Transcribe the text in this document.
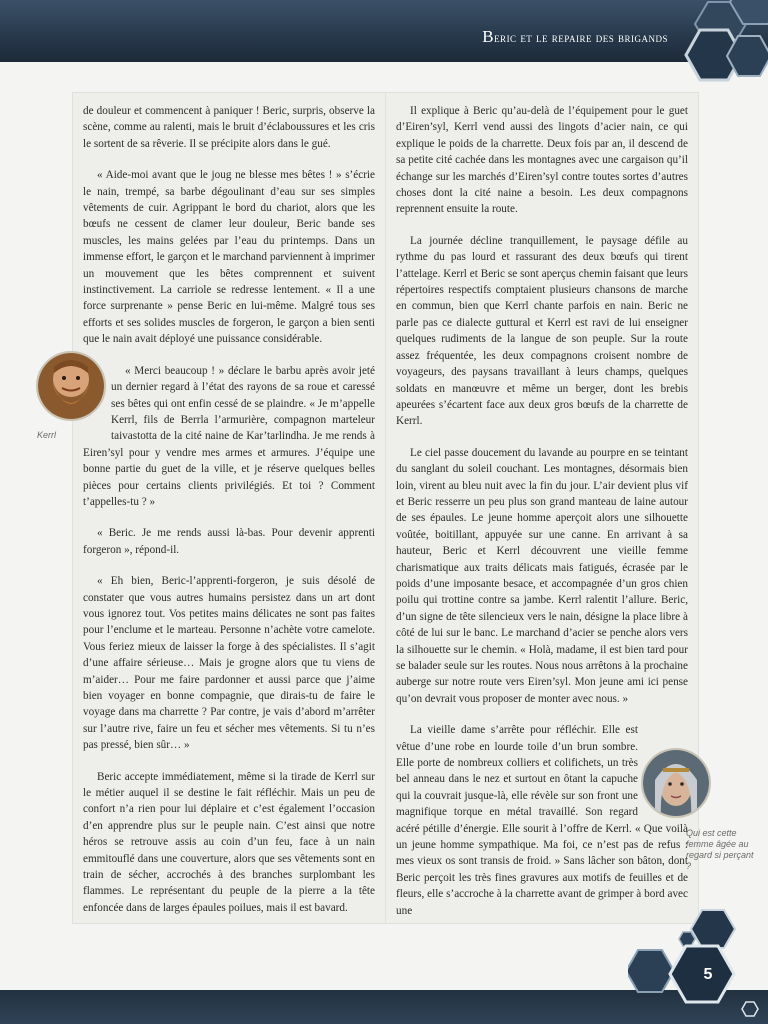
Beric et le repaire des brigands

de douleur et commencent à paniquer ! Beric, surpris, observe la scène, comme au ralenti, mais le bruit d’éclaboussures et les cris le sortent de sa rêverie. Il se précipite alors dans le gué.

« Aide-moi avant que le joug ne blesse mes bêtes ! » s’écrie le nain, trempé, sa barbe dégoulinant d’eau sur ses simples vêtements de cuir. Agrippant le bord du chariot, alors que les bœufs ne cessent de clamer leur douleur, Beric bande ses muscles, les mains gelées par l’eau du printemps. Dans un immense effort, le garçon et le marchand parviennent à imprimer un mouvement que les bêtes comprennent et suivent instinctivement. La carriole se redresse lentement. « Il a une force surprenante » pense Beric en lui-même. Malgré tous ses efforts et ses solides muscles de forgeron, le garçon a bien senti que le nain avait déployé une puissance considérable.

« Merci beaucoup ! » déclare le barbu après avoir jeté un dernier regard à l’état des rayons de sa roue et caressé ses bêtes qui ont enfin cessé de se plaindre. « Je m’appelle Kerrl, fils de Berrla l’armurière, compagnon marteleur taivastotta de la cité naine de Kar’tarlindha. Je me rends à Eiren’syl pour y vendre mes armes et armures. J’équipe une bonne partie du guet de la ville, et je réserve quelques belles pièces pour certains clients privilégiés. Et toi ? Comment t’appelles-tu ? »

« Beric. Je me rends aussi là-bas. Pour devenir apprenti forgeron », répond-il.

« Eh bien, Beric-l’apprenti-forgeron, je suis désolé de constater que vous autres humains persistez dans un art dont vous ignorez tout. Vos petites mains délicates ne sont pas faites pour l’enclume et le marteau. Personne n’achète votre camelote. Vous feriez mieux de laisser la forge à des spécialistes. Il s’agit d’une affaire sérieuse… Mais je grogne alors que tu viens de m’aider… Pour me faire pardonner et aussi parce que j’aime bien voyager en bonne compagnie, que dirais-tu de faire le voyage dans ma charrette ? Par contre, je vais d’abord m’arrêter sur l’autre rive, faire un feu et sécher mes vêtements. Si tu n’es pas pressé, bien sûr… »

Beric accepte immédiatement, même si la tirade de Kerrl sur le métier auquel il se destine le fait réfléchir. Mais un peu de confort n’a rien pour lui déplaire et c’est également l’occasion d’en apprendre plus sur le peuple nain. C’est ainsi que notre héros se retrouve assis au coin d’un feu, face à un nain emmitouflé dans une couverture, alors que ses vêtements sont en train de sécher, accrochés à des branches surplombant les flammes. Le représentant du peuple de la pierre a la tête enfoncée dans de larges épaules poilues, mais il est bavard.

Il explique à Beric qu’au-delà de l’équipement pour le guet d’Eiren’syl, Kerrl vend aussi des lingots d’acier nain, ce qui explique le poids de la charrette. Deux fois par an, il descend de sa petite cité cachée dans les montagnes avec une cargaison qu’il échange sur les marchés d’Eiren’syl contre toutes sortes d’autres choses dont la cité naine a besoin. Les deux compagnons reprennent ensuite la route.

La journée décline tranquillement, le paysage défile au rythme du pas lourd et rassurant des deux bœufs qui tirent l’attelage. Kerrl et Beric se sont aperçus chemin faisant que leurs répertoires respectifs comptaient plusieurs chansons de marche en commun, bien que Kerrl chante parfois en nain. Beric ne parle pas ce dialecte guttural et Kerrl est ravi de lui enseigner quelques rudiments de la langue de son peuple. Sur la route assez fréquentée, les deux compagnons croisent nombre de voyageurs, des paysans travaillant à leurs champs, quelques soldats en manœuvre et même un berger, dont les brebis apeurées s’écartent face aux deux gros bœufs de la charrette de Kerrl.

Le ciel passe doucement du lavande au pourpre en se teintant du sanglant du soleil couchant. Les montagnes, désormais bien loin, virent au bleu nuit avec la fin du jour. L’air devient plus vif et Beric resserre un peu plus son grand manteau de laine autour de ses épaules. Le jeune homme aperçoit alors une silhouette voûtée, boitillant, appuyée sur une canne. En arrivant à sa hauteur, Beric et Kerrl découvrent une vieille femme charismatique aux traits délicats mais fatigués, écrasée par le poids d’une imposante besace, et accompagnée d’un gros chien poilu qui trottine contre sa jambe. Kerrl ralentit l’allure. Beric, d’un signe de tête silencieux vers le nain, désigne la place libre à côté de lui sur le banc. Le marchand d’acier se penche alors vers la silhouette sur le chemin. « Holà, madame, il est bien tard pour se balader seule sur les routes. Nous nous arrêtons à la prochaine auberge sur notre route vers Eiren’syl. Mon jeune ami ici pense qu’on devrait vous proposer de monter avec nous. »

La vieille dame s’arrête pour réfléchir. Elle est vêtue d’une robe en lourde toile d’un brun sombre. Elle porte de nombreux colliers et colifichets, un très bel anneau dans le nez et surtout en ôtant la capuche qui la couvrait jusque-là, elle révèle sur son front une magnifique torque en métal travaillé. Son regard acéré pétille d’énergie. Elle sourit à l’offre de Kerrl. « Que voilà un jeune homme sympathique. Ma foi, ce n’est pas de refus : mes vieux os sont transis de froid. » Sans lâcher son bâton, dont Beric perçoit les très fines gravures aux motifs de feuilles et de fleurs, elle s’accroche à la charrette avant de grimper à bord avec une

Kerrl
Qui est cette femme âgée au regard si perçant ?
5
